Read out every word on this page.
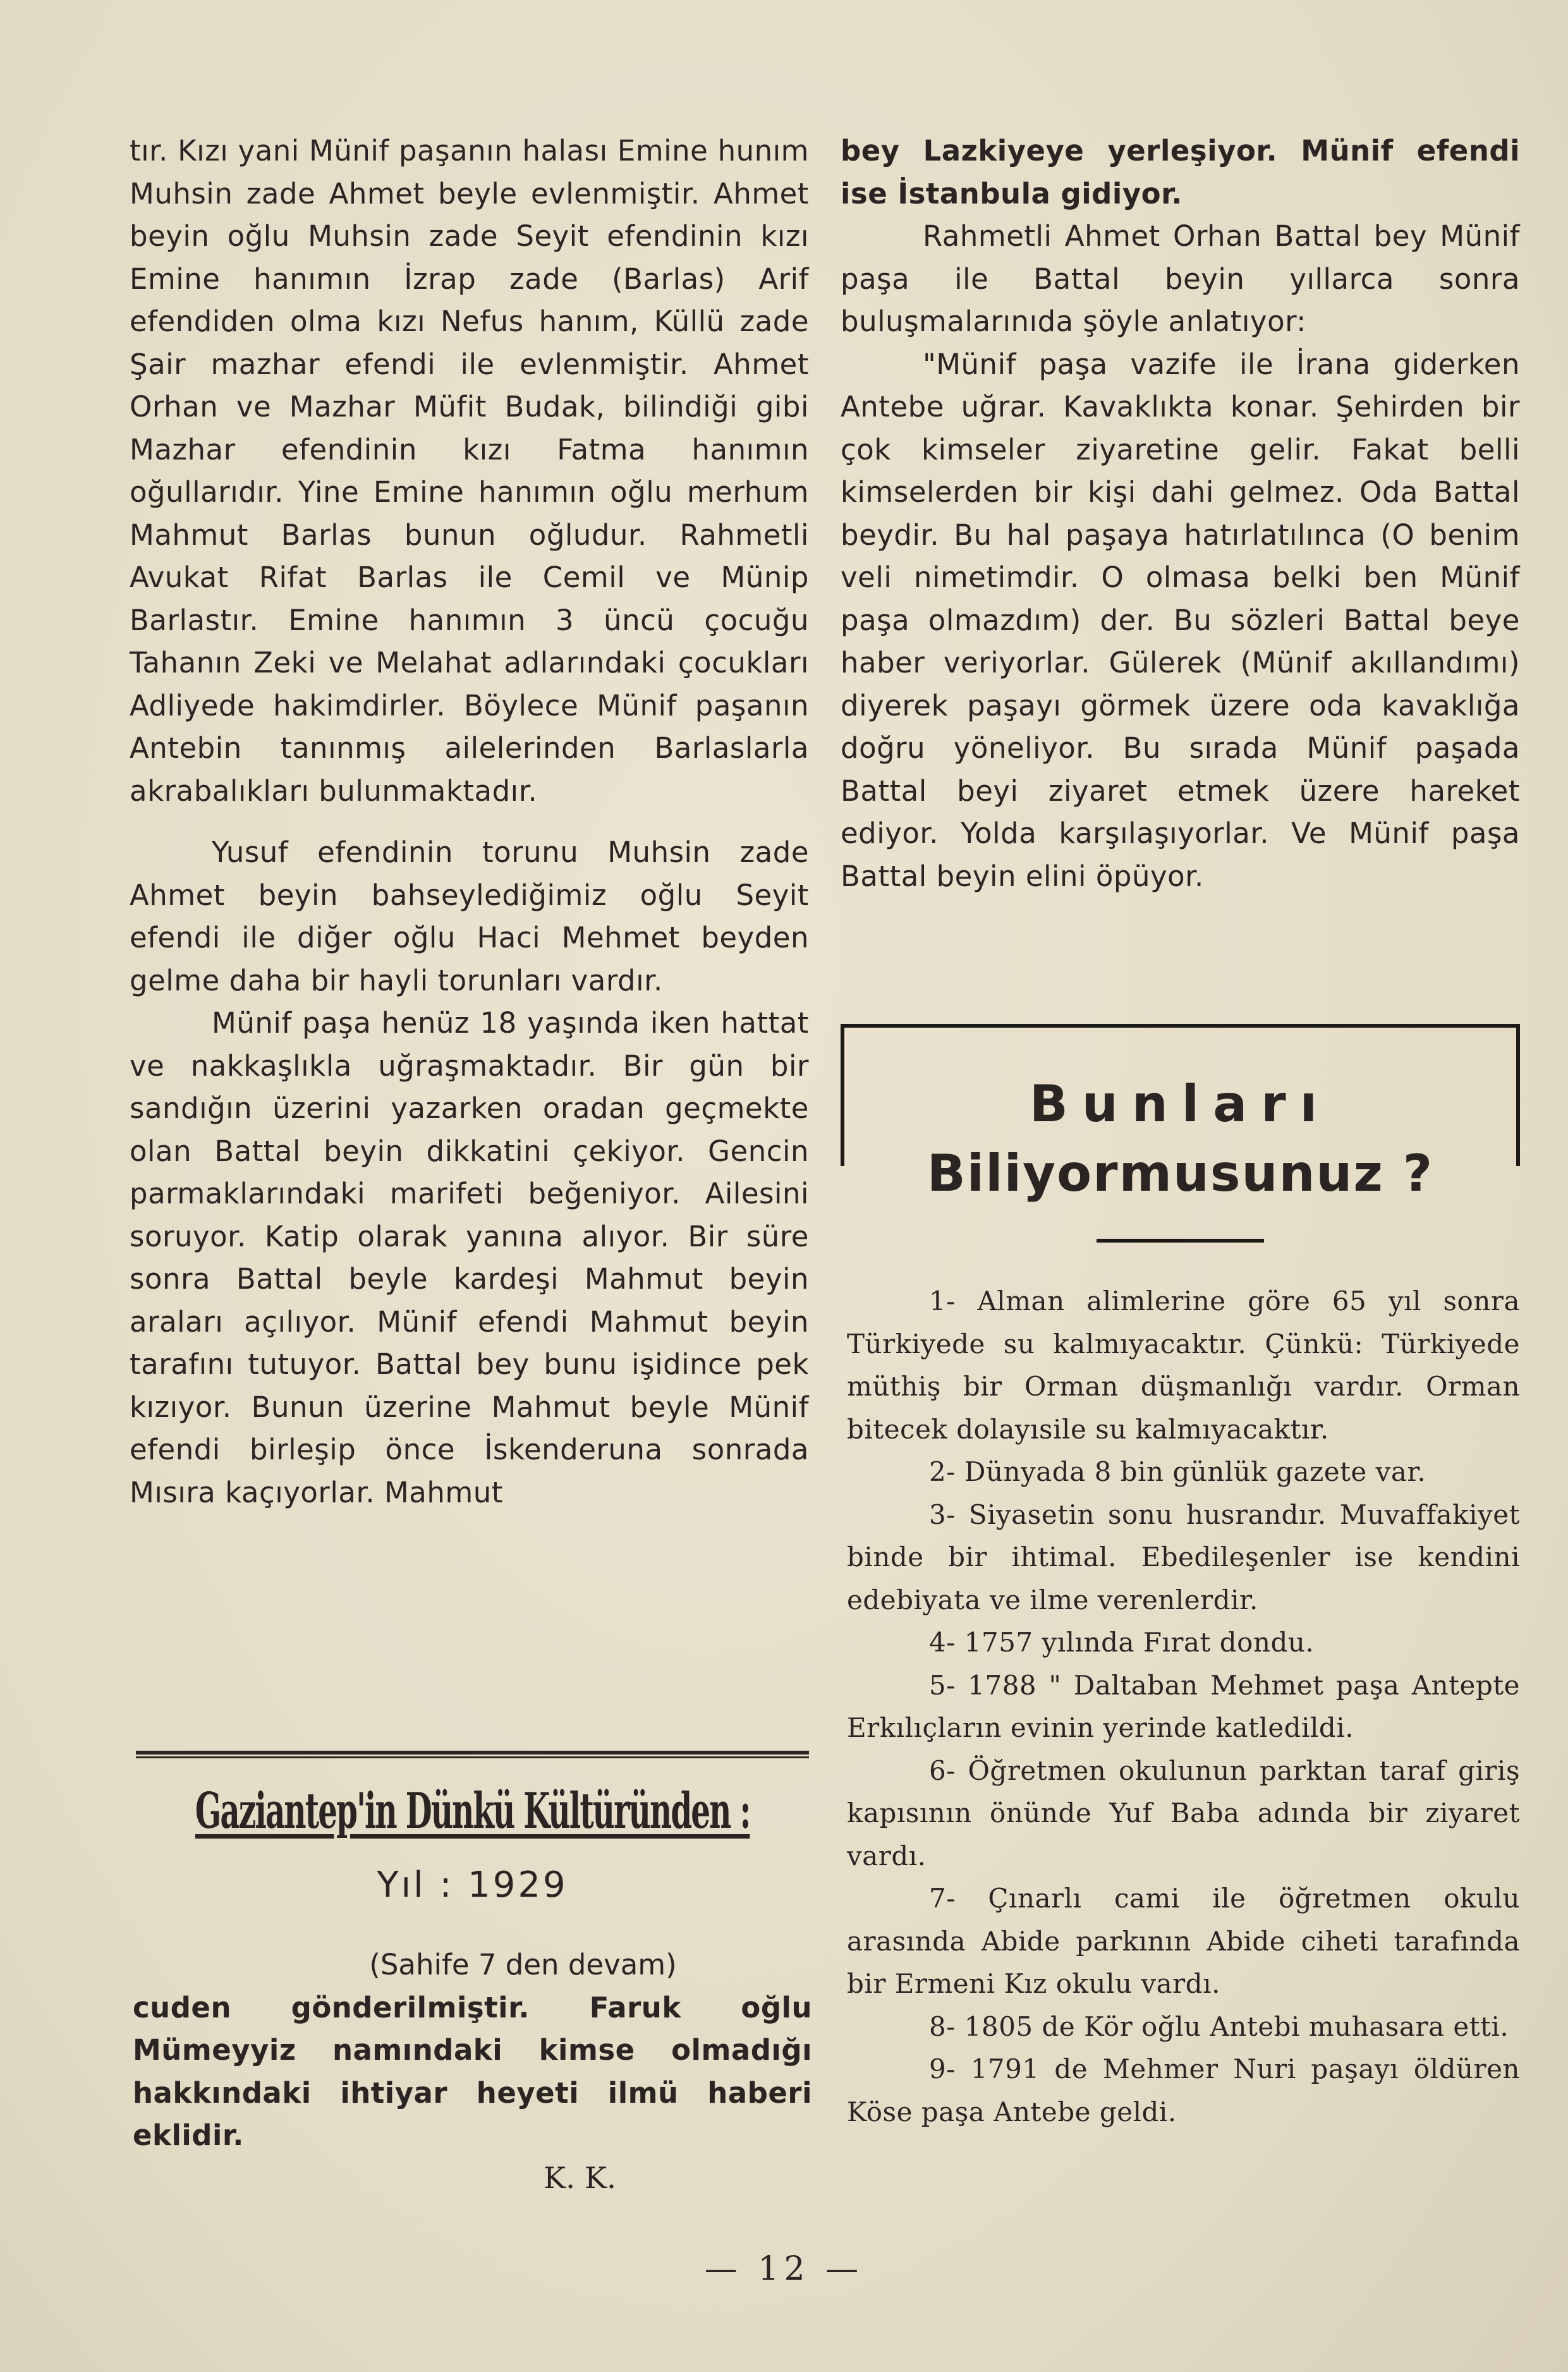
tır. Kızı yani Münif paşanın halası Emine hunım Muhsin zade Ahmet beyle evlenmiştir. Ahmet beyin oğlu Muhsin zade Seyit efendinin kızı Emine hanımın İzrap zade (Barlas) Arif efendiden olma kızı Nefus hanım, Küllü zade Şair mazhar efendi ile evlenmiştir. Ahmet Orhan ve Mazhar Müfit Budak, bilindiği gibi Mazhar efendinin kızı Fatma hanımın oğullarıdır. Yine Emine hanımın oğlu merhum Mahmut Barlas bunun oğludur. Rahmetli Avukat Rifat Barlas ile Cemil ve Münip Barlastır. Emine hanımın 3 üncü çocuğu Tahanın Zeki ve Melahat adlarındaki çocukları Adliyede hakimdirler. Böylece Münif paşanın Antebin tanınmış ailelerinden Barlaslarla akrabalıkları bulunmaktadır.

Yusuf efendinin torunu Muhsin zade Ahmet beyin bahseylediğimiz oğlu Seyit efendi ile diğer oğlu Haci Mehmet beyden gelme daha bir hayli torunları vardır.

Münif paşa henüz 18 yaşında iken hattat ve nakkaşlıkla uğraşmaktadır. Bir gün bir sandığın üzerini yazarken oradan geçmekte olan Battal beyin dikkatini çekiyor. Gencin parmaklarındaki marifeti beğeniyor. Ailesini soruyor. Katip olarak yanına alıyor. Bir süre sonra Battal beyle kardeşi Mahmut beyin araları açılıyor. Münif efendi Mahmut beyin tarafını tutuyor. Battal bey bunu işidince pek kızıyor. Bunun üzerine Mahmut beyle Münif efendi birleşip önce İskenderuna sonrada Mısıra kaçıyorlar. Mahmut

Gaziantep'in Dünkü Kültüründen :
Yıl : 1929
(Sahife 7 den devam)

cuden gönderilmiştir. Faruk oğlu Mümeyyiz namındaki kimse olmadığı hakkındaki ihtiyar heyeti ilmü haberi eklidir.

K. K.

bey Lazkiyeye yerleşiyor. Münif efendi ise İstanbula gidiyor.

Rahmetli Ahmet Orhan Battal bey Münif paşa ile Battal beyin yıllarca sonra buluşmalarınıda şöyle anlatıyor:

"Münif paşa vazife ile İrana giderken Antebe uğrar. Kavaklıkta konar. Şehirden bir çok kimseler ziyaretine gelir. Fakat belli kimselerden bir kişi dahi gelmez. Oda Battal beydir. Bu hal paşaya hatırlatılınca (O benim veli nimetimdir. O olmasa belki ben Münif paşa olmazdım) der. Bu sözleri Battal beye haber veriyorlar. Gülerek (Münif akıllandımı) diyerek paşayı görmek üzere oda kavaklığa doğru yöneliyor. Bu sırada Münif paşada Battal beyi ziyaret etmek üzere hareket ediyor. Yolda karşılaşıyorlar. Ve Münif paşa Battal beyin elini öpüyor.

Bunları
Biliyormusunuz ?

1- Alman alimlerine göre 65 yıl sonra Türkiyede su kalmıyacaktır. Çünkü: Türkiyede müthiş bir Orman düşmanlığı vardır. Orman bitecek dolayısile su kalmıyacaktır.

2- Dünyada 8 bin günlük gazete var.

3- Siyasetin sonu husrandır. Muvaffakiyet binde bir ihtimal. Ebedileşenler ise kendini edebiyata ve ilme verenlerdir.

4- 1757 yılında Fırat dondu.

5- 1788 " Daltaban Mehmet paşa Antepte Erkılıçların evinin yerinde katledildi.

6- Öğretmen okulunun parktan taraf giriş kapısının önünde Yuf Baba adında bir ziyaret vardı.

7- Çınarlı cami ile öğretmen okulu arasında Abide parkının Abide ciheti tarafında bir Ermeni Kız okulu vardı.

8- 1805 de Kör oğlu Antebi muhasara etti.

9- 1791 de Mehmer Nuri paşayı öldüren Köse paşa Antebe geldi.

— 12 —
